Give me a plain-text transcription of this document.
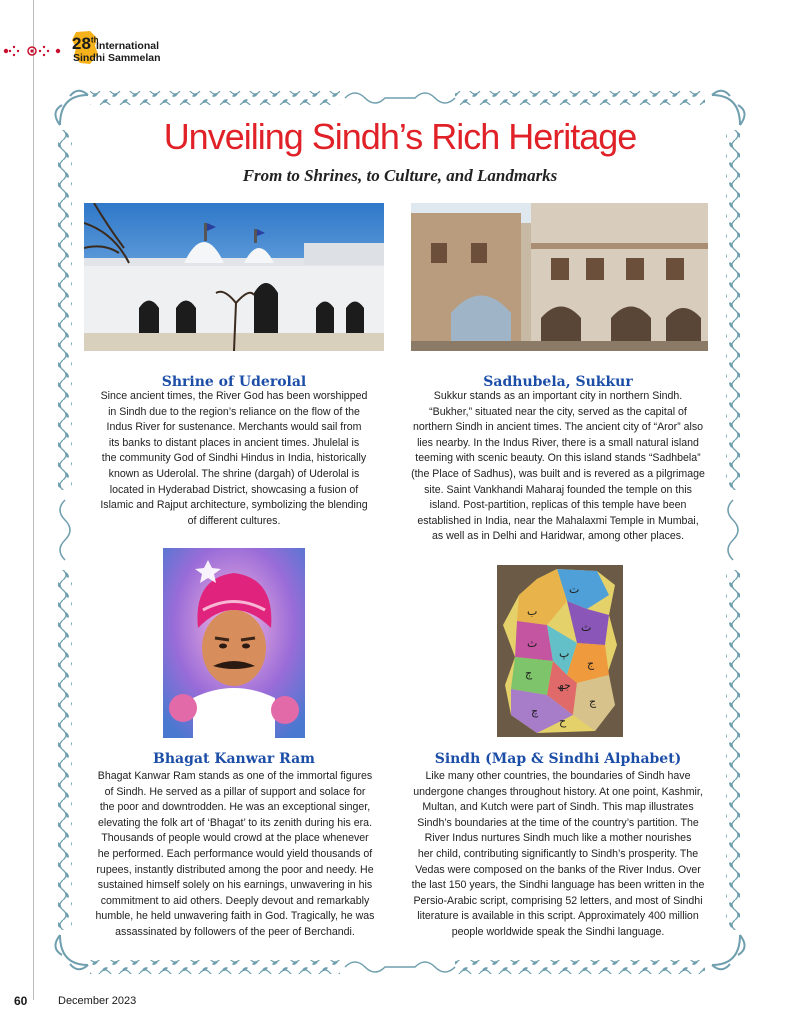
28th
International
Sindhi Sammelan
Unveiling Sindh’s Rich Heritage
From to Shrines, to Culture, and Landmarks
Shrine of Uderolal
Since ancient times, the River God has been worshipped
in Sindh due to the region’s reliance on the flow of the
Indus River for sustenance. Merchants would sail from
its banks to distant places in ancient times. Jhulelal is
the community God of Sindhi Hindus in India, historically
known as Uderolal. The shrine (dargah) of Uderolal is
located in Hyderabad District, showcasing a fusion of
Islamic and Rajput architecture, symbolizing the blending
of different cultures.
Sadhubela, Sukkur
Sukkur stands as an important city in northern Sindh.
“Bukher,” situated near the city, served as the capital of
northern Sindh in ancient times. The ancient city of “Aror” also
lies nearby. In the Indus River, there is a small natural island
teeming with scenic beauty. On this island stands “Sadhbela”
(the Place of Sadhus), was built and is revered as a pilgrimage
site. Saint Vankhandi Maharaj founded the temple on this
island. Post-partition, replicas of this temple have been
established in India, near the Mahalaxmi Temple in Mumbai,
as well as in Delhi and Haridwar, among other places.
ب
ت
ٽ
ث
پ
ج
ڄ
جھ
ڃ
چ
ح
Bhagat Kanwar Ram
Bhagat Kanwar Ram stands as one of the immortal figures
of Sindh. He served as a pillar of support and solace for
the poor and downtrodden. He was an exceptional singer,
elevating the folk art of ‘Bhagat’ to its zenith during his era.
Thousands of people would crowd at the place whenever
he performed. Each performance would yield thousands of
rupees, instantly distributed among the poor and needy. He
sustained himself solely on his earnings, unwavering in his
commitment to aid others. Deeply devout and remarkably
humble, he held unwavering faith in God. Tragically, he was
assassinated by followers of the peer of Berchandi.
Sindh (Map & Sindhi Alphabet)
Like many other countries, the boundaries of Sindh have
undergone changes throughout history. At one point, Kashmir,
Multan, and Kutch were part of Sindh. This map illustrates
Sindh’s boundaries at the time of the country’s partition. The
River Indus nurtures Sindh much like a mother nourishes
her child, contributing significantly to Sindh’s prosperity. The
Vedas were composed on the banks of the River Indus. Over
the last 150 years, the Sindhi language has been written in the
Persio-Arabic script, comprising 52 letters, and most of Sindhi
literature is available in this script. Approximately 400 million
people worldwide speak the Sindhi language.
60	December 2023
